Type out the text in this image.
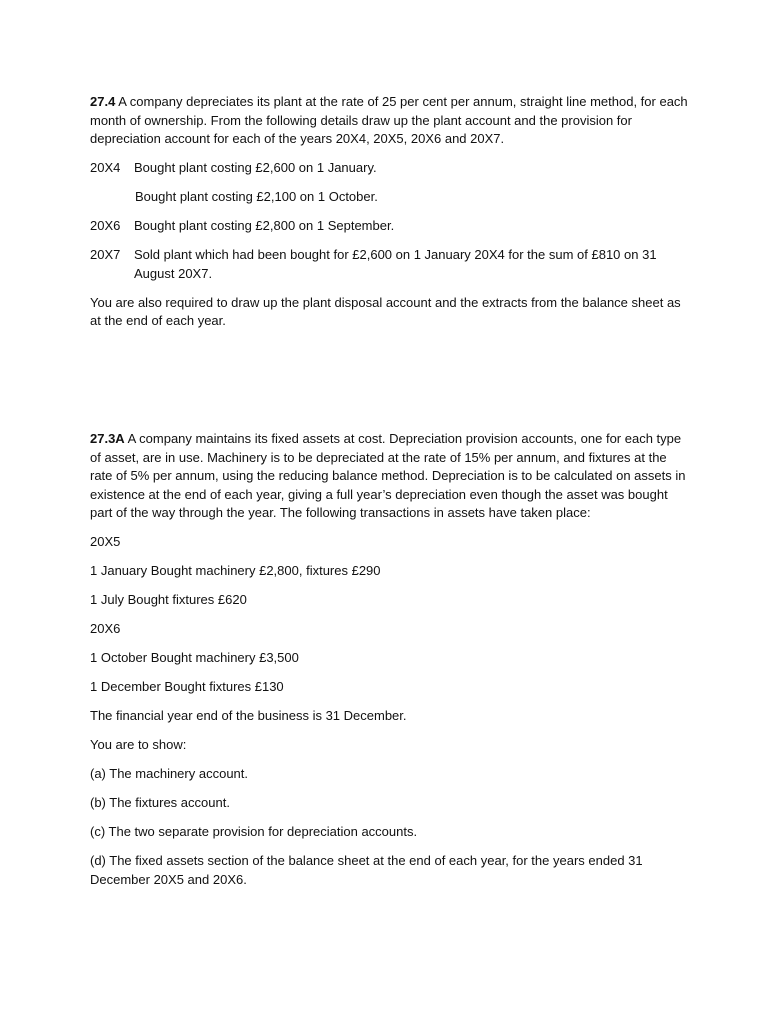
27.4 A company depreciates its plant at the rate of 25 per cent per annum, straight line method, for each month of ownership. From the following details draw up the plant account and the provision for depreciation account for each of the years 20X4, 20X5, 20X6 and 20X7.

20X4	Bought plant costing £2,600 on 1 January.
Bought plant costing £2,100 on 1 October.
20X6	Bought plant costing £2,800 on 1 September.
20X7	Sold plant which had been bought for £2,600 on 1 January 20X4 for the sum of £810 on 31 August 20X7.

You are also required to draw up the plant disposal account and the extracts from the balance sheet as at the end of each year.

27.3A A company maintains its fixed assets at cost. Depreciation provision accounts, one for each type of asset, are in use. Machinery is to be depreciated at the rate of 15% per annum, and fixtures at the rate of 5% per annum, using the reducing balance method. Depreciation is to be calculated on assets in existence at the end of each year, giving a full year’s depreciation even though the asset was bought part of the way through the year. The following transactions in assets have taken place:

20X5

1 January Bought machinery £2,800, fixtures £290

1 July Bought fixtures £620

20X6

1 October Bought machinery £3,500

1 December Bought fixtures £130

The financial year end of the business is 31 December.

You are to show:

(a) The machinery account.

(b) The fixtures account.

(c) The two separate provision for depreciation accounts.

(d) The fixed assets section of the balance sheet at the end of each year, for the years ended 31 December 20X5 and 20X6.
